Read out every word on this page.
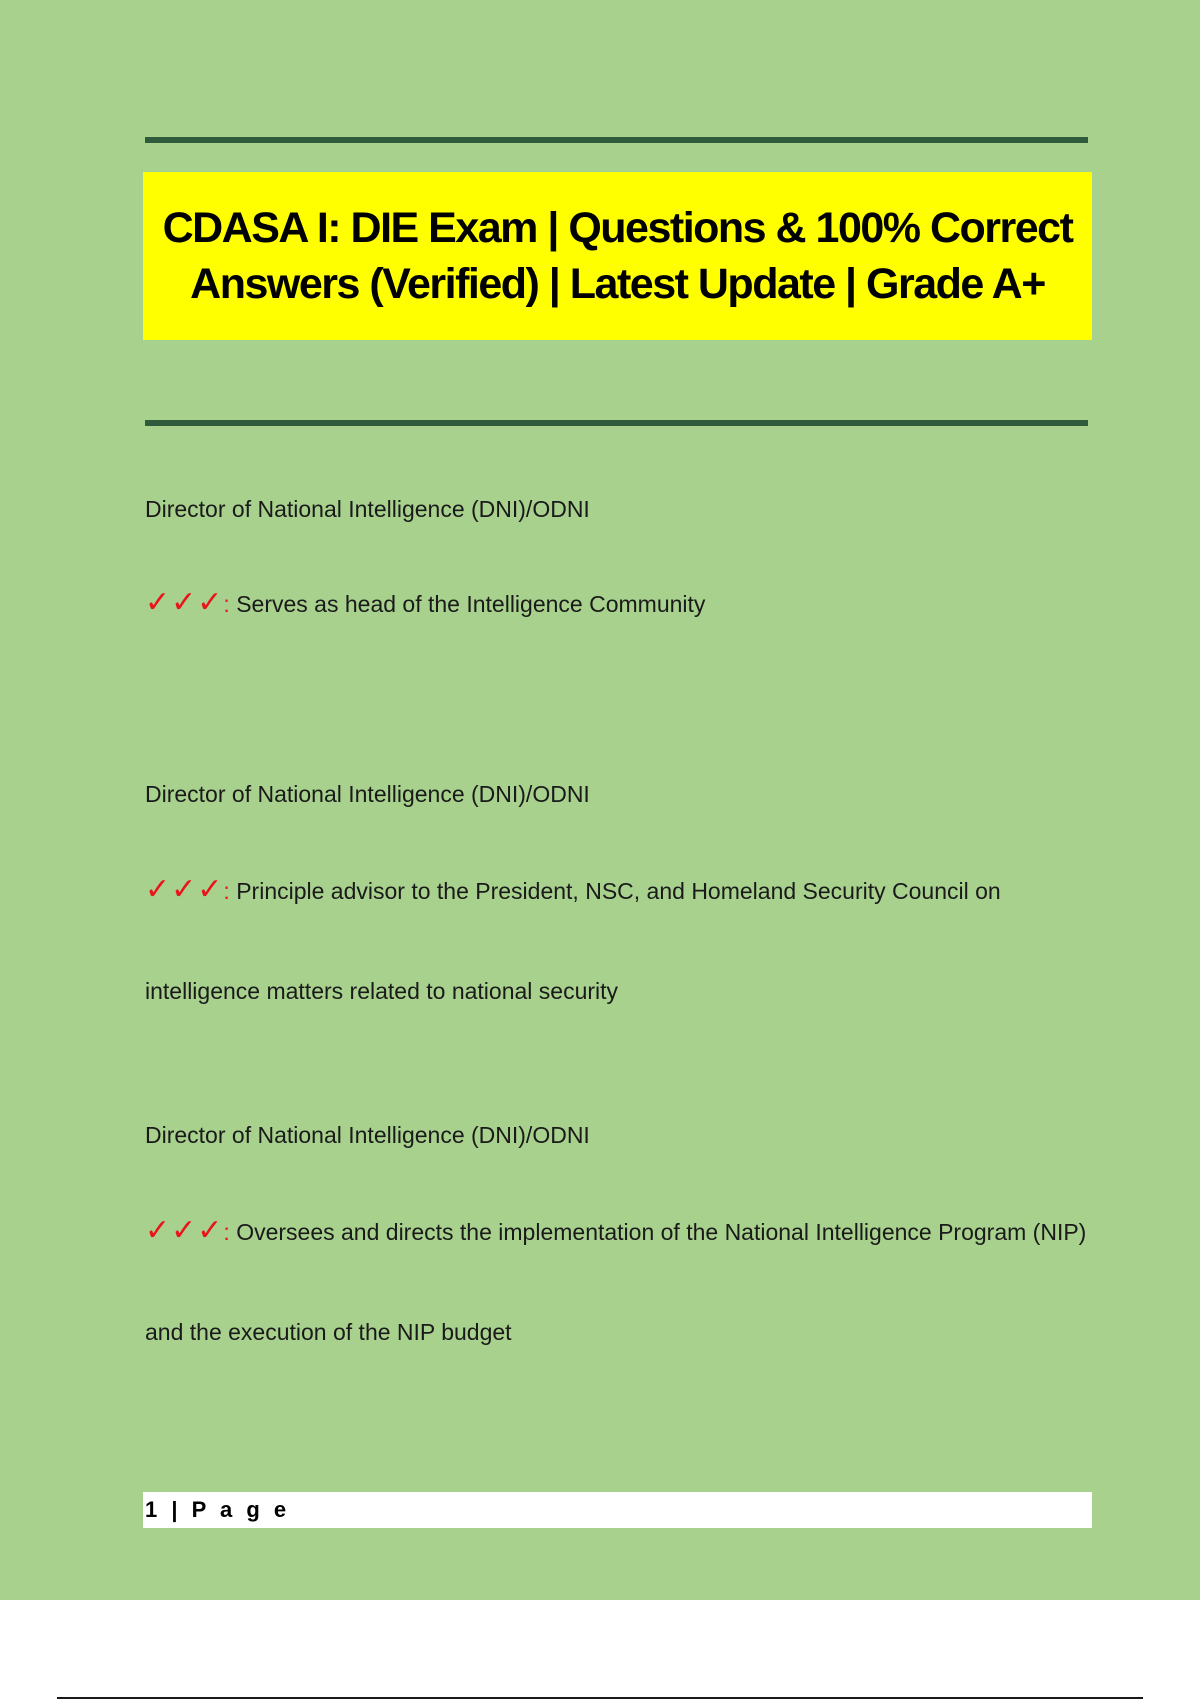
CDASA I: DIE Exam | Questions & 100% Correct Answers (Verified) | Latest Update | Grade A+
Director of National Intelligence (DNI)/ODNI
✓✓✓: Serves as head of the Intelligence Community
Director of National Intelligence (DNI)/ODNI
✓✓✓: Principle advisor to the President, NSC, and Homeland Security Council on intelligence matters related to national security
Director of National Intelligence (DNI)/ODNI
✓✓✓: Oversees and directs the implementation of the National Intelligence Program (NIP) and the execution of the NIP budget
1 | P a g e
